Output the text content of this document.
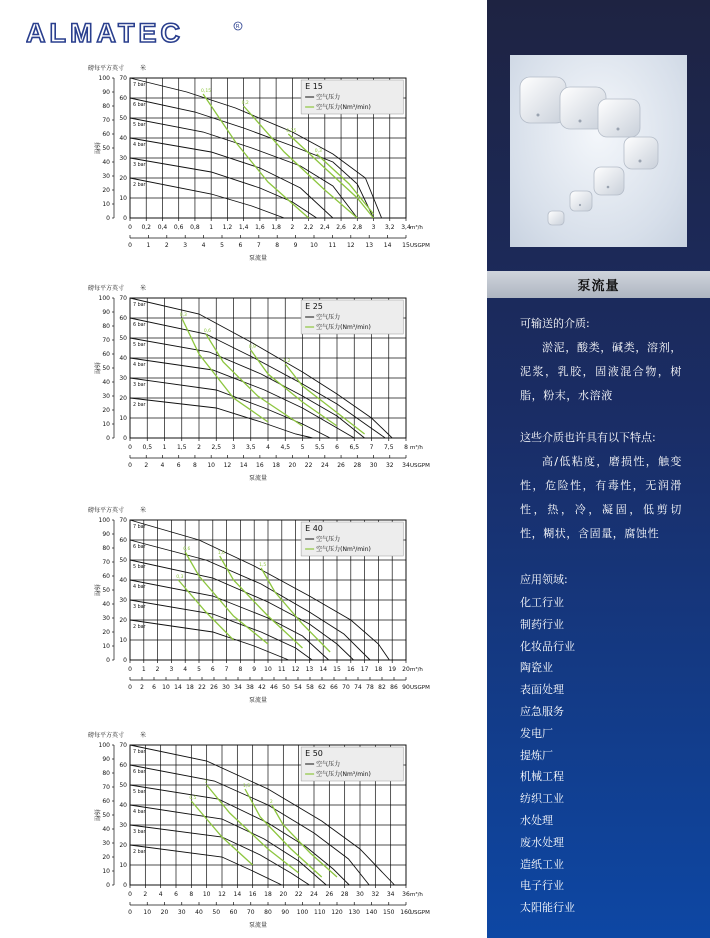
ALMATEC	R
0 0,2 0,4 0,6 0,8 1 1,2 1,4 1,6 1,8 2 2,2 2,4 2,6 2,8 3 3,2 3,4 m³/h
0
10
20
30
40
50
60
70
0
10
20
30
40
50
60
70
80
90
100
磅每平方英寸	米
扬程
0 1 2 3 4 5 6 7 8 9 10 11 12 13 14 15 USGPM
泵流量
E 15
空气压力
空气压力(Nm³/min)
7 bar
6 bar
5 bar
4 bar
3 bar
2 bar
0,15
0,2
0,25
0,3
0 0,5 1 1,5 2 2,5 3 3,5 4 4,5 5 5,5 6 6,5 7 7,5 8 m³/h
0
10
20
30
40
50
60
70
0
10
20
30
40
50
60
70
80
90
100
磅每平方英寸	米
扬程
0 2 4 6 8 10 12 14 16 18 20 22 24 26 28 30 32 34 USGPM
泵流量
E 25
空气压力
空气压力(Nm³/min)
7 bar
6 bar
5 bar
4 bar
3 bar
2 bar
0,3
0,6
0,9
1,2
0 1 2 3 4 5 6 7 8 9 10 11 12 13 14 15 16 17 18 19 20 m³/h
0
10
20
30
40
50
60
70
0
10
20
30
40
50
60
70
80
90
100
磅每平方英寸	米
扬程
0 2 6 10 14 18 22 26 30 34 38 42 46 50 54 58 62 66 70 74 78 82 86 90 USGPM
泵流量
E 40
空气压力
空气压力(Nm³/min)
7 bar
6 bar
5 bar
4 bar
3 bar
2 bar
0,6
1,0
1,5
0,3
0 2 4 6 8 10 12 14 16 18 20 22 24 26 28 30 32 34 36 m³/h
0
10
20
30
40
50
60
70
0
10
20
30
40
50
60
70
80
90
100
磅每平方英寸	米
扬程
0 10 20 30 40 50 60 70 80 90 100 110 120 130 140 150 160
USGPM
泵流量
E 50
空气压力
空气压力(Nm³/min)
7 bar
6 bar
5 bar
4 bar
3 bar
2 bar
1
1,5
2
0,5
泵流量
可输送的介质:
淤泥，酸类，碱类，溶剂，泥浆，乳胶，固液混合物，树脂，粉末，水溶液
这些介质也许具有以下特点:
高/低粘度，磨损性，触变性，危险性，有毒性，无润滑性，热，冷，凝固，低剪切性，糊状，含固量，腐蚀性
应用领域:
化工行业
制药行业
化妆品行业
陶瓷业
表面处理
应急服务
发电厂
提炼厂
机械工程
纺织工业
水处理
废水处理
造纸工业
电子行业
太阳能行业
